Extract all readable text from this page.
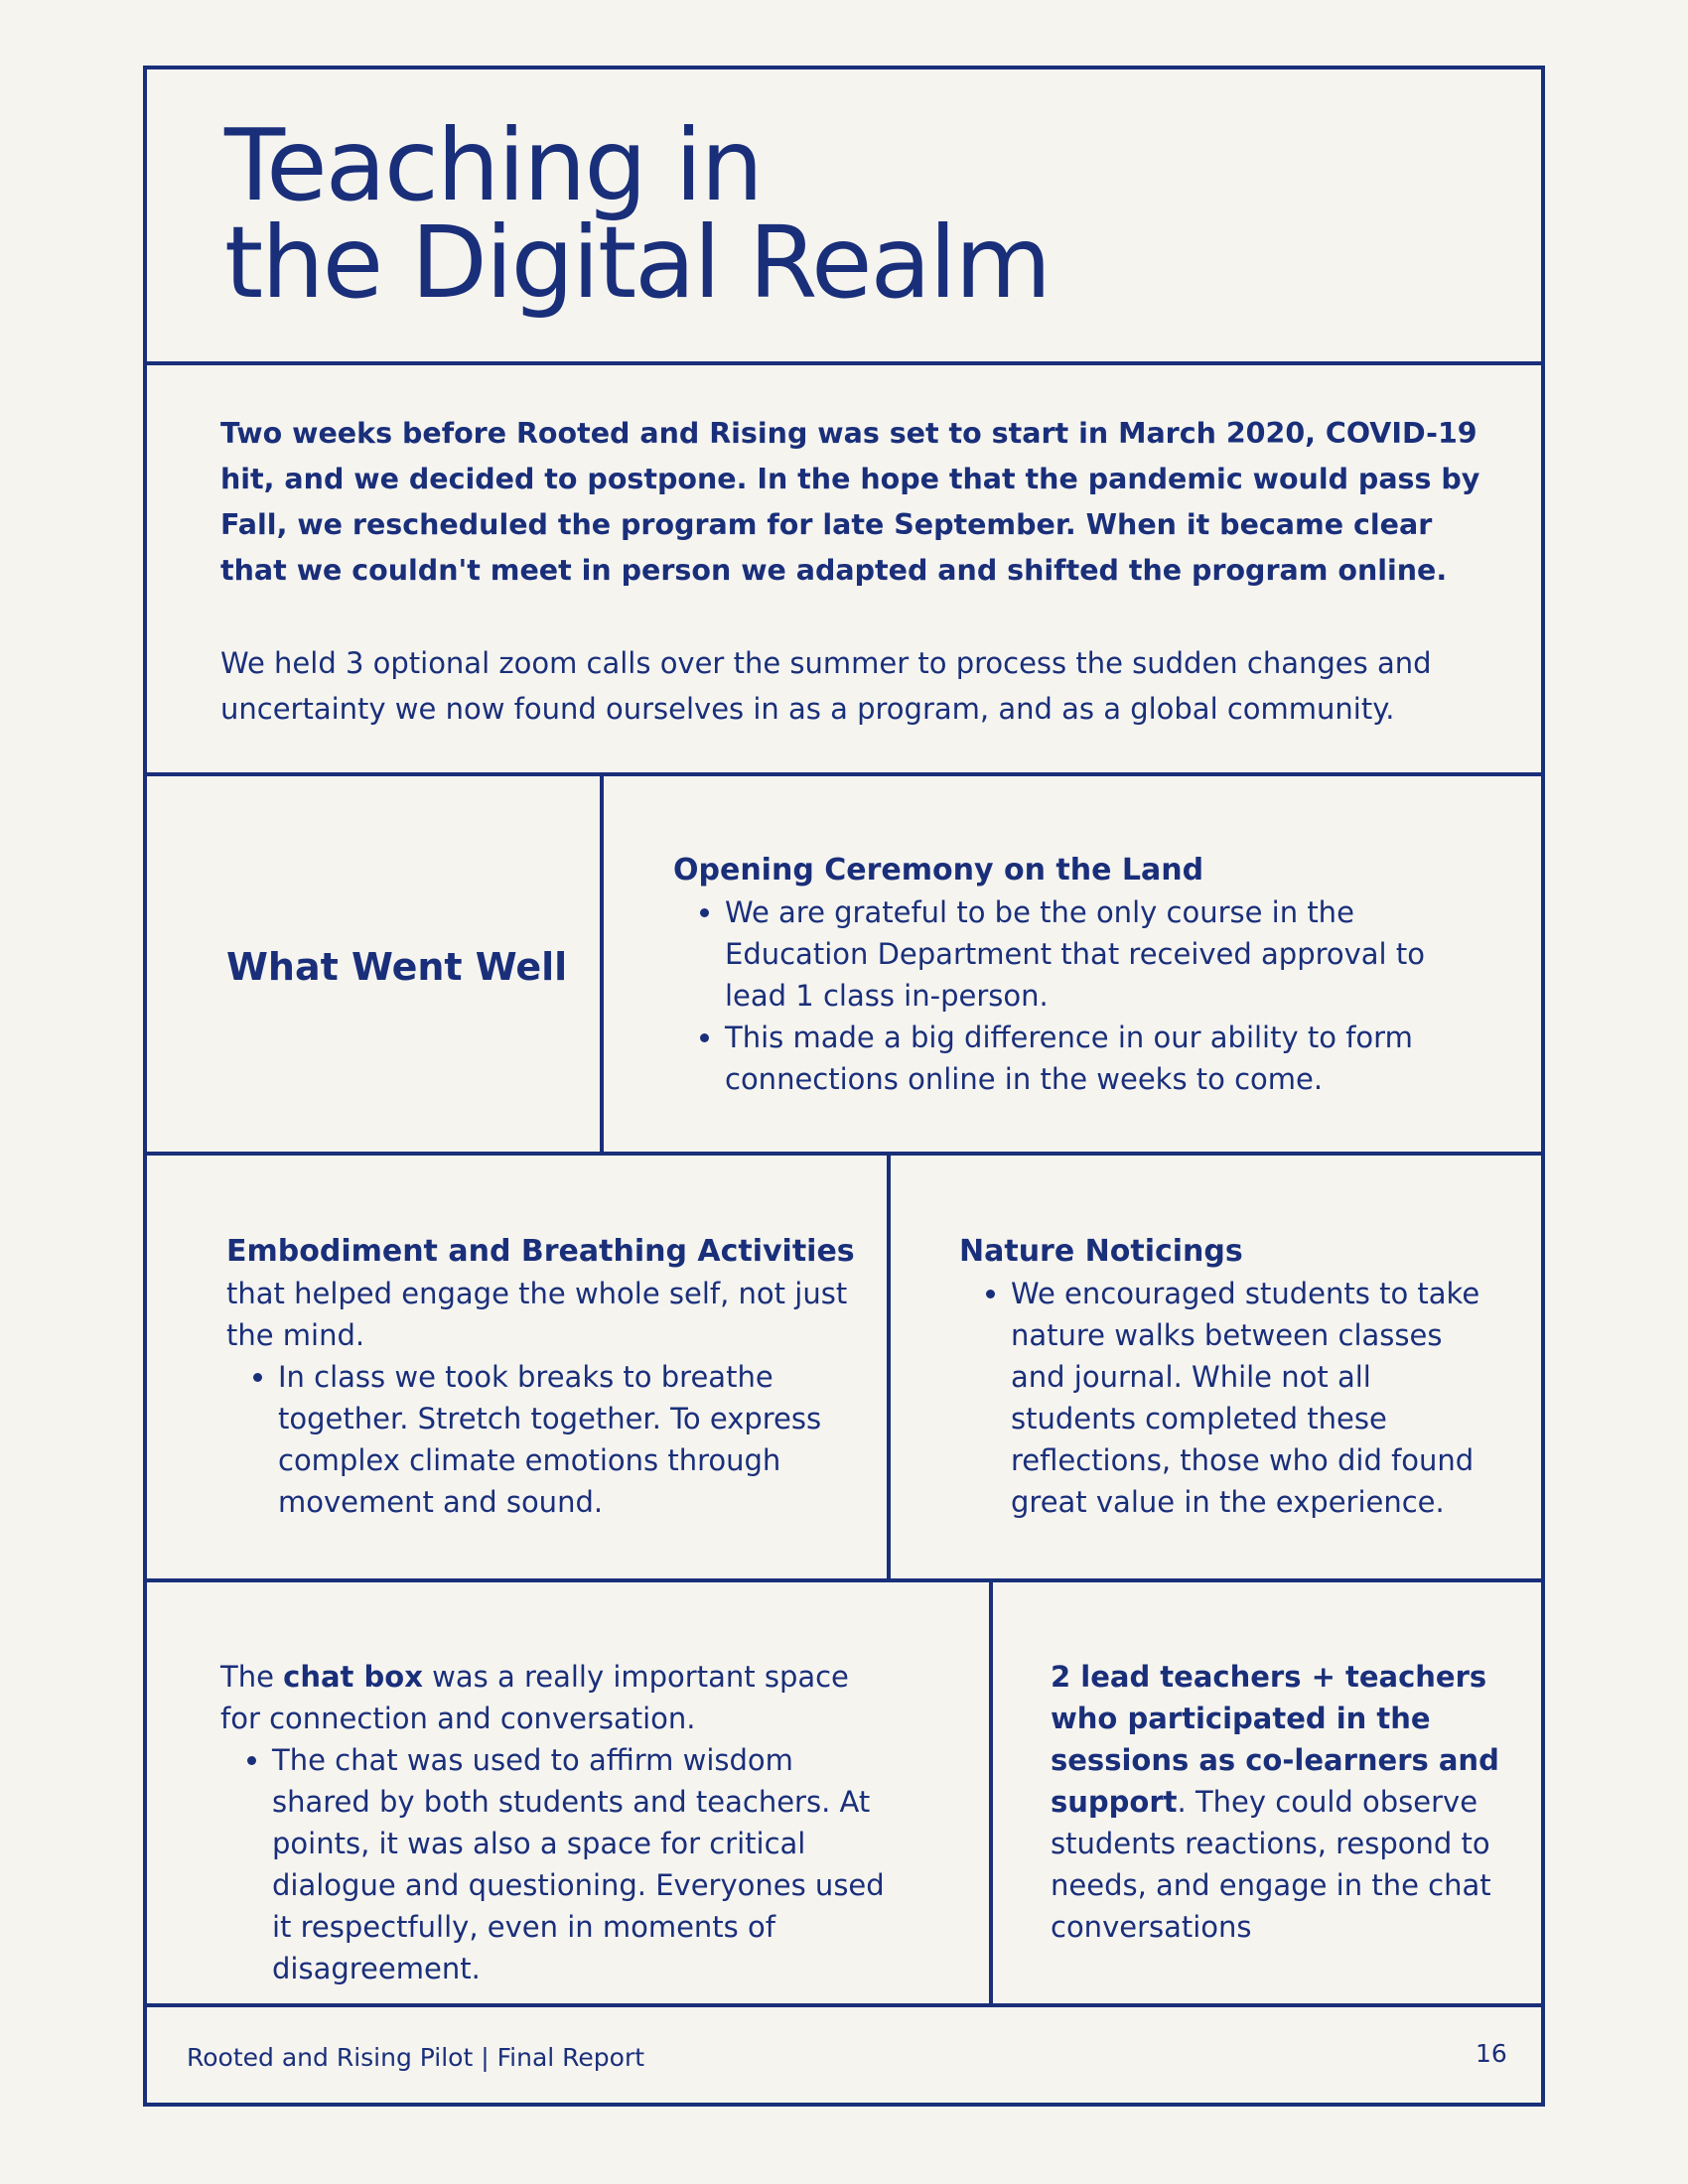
Teaching in
the Digital Realm

Two weeks before Rooted and Rising was set to start in March 2020, COVID-19 hit, and we decided to postpone. In the hope that the pandemic would pass by Fall, we rescheduled the program for late September. When it became clear that we couldn't meet in person we adapted and shifted the program online.

We held 3 optional zoom calls over the summer to process the sudden changes and uncertainty we now found ourselves in as a program, and as a global community.

What Went Well
Opening Ceremony on the Land
• We are grateful to be the only course in the Education Department that received approval to lead 1 class in-person.
• This made a big difference in our ability to form connections online in the weeks to come.
Embodiment and Breathing Activities

that helped engage the whole self, not just the mind.

• In class we took breaks to breathe together. Stretch together. To express complex climate emotions through movement and sound.
Nature Noticings
• We encouraged students to take nature walks between classes and journal. While not all students completed these reflections, those who did found great value in the experience.

The chat box was a really important space for connection and conversation.

• The chat was used to affirm wisdom shared by both students and teachers. At points, it was also a space for critical dialogue and questioning. Everyones used it respectfully, even in moments of disagreement.

2 lead teachers + teachers who participated in the sessions as co-learners and support. They could observe students reactions, respond to needs, and engage in the chat conversations

Rooted and Rising Pilot | Final Report	16
